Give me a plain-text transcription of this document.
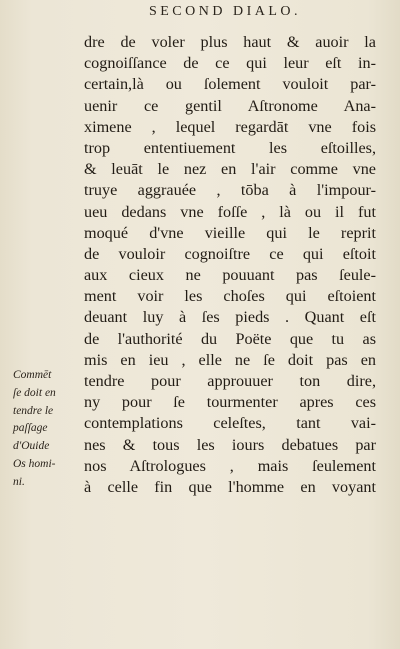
SECOND DIALO.
dre de voler plus haut & auoir la
cognoiſſance de ce qui leur eſt in-
certain,là ou ſolement vouloit par-
uenir ce gentil Aſtronome Ana-
ximene , lequel regardāt vne fois
trop ententiuement les eſtoilles,
& leuāt le nez en l'air comme vne
truye aggrauée , tōba à l'impour-
ueu dedans vne foſſe , là ou il fut
moqué d'vne vieille qui le reprit
de vouloir cognoiſtre ce qui eſtoit
aux cieux ne pouuant pas ſeule-
ment voir les choſes qui eſtoient
deuant luy à ſes pieds . Quant eſt
de l'authorité du Poëte que tu as
mis en ieu , elle ne ſe doit pas en
tendre pour approuuer ton dire,
ny pour ſe tourmenter apres ces
contemplations celeſtes, tant vai-
nes & tous les iours debatues par
nos Aſtrologues , mais ſeulement
à celle fin que l'homme en voyant
Commēt
ſe doit en
tendre le
paſſage
d'Ouide
Os homi-
ni.
